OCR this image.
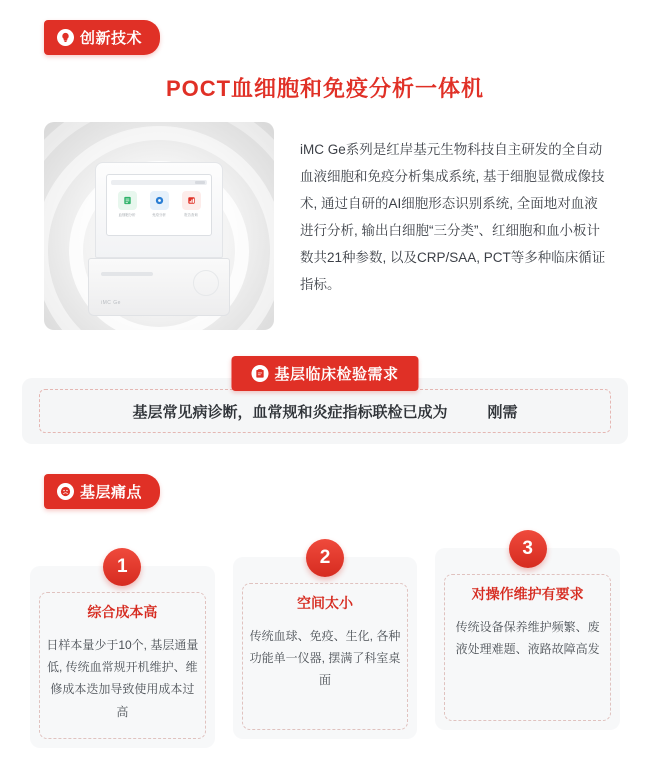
创新技术
POCT血细胞和免疫分析一体机
血细胞分析	免疫分析	报告查询
iMC Ge
iMC Ge系列是红岸基元生物科技自主研发的全自动血液细胞和免疫分析集成系统, 基于细胞显微成像技术, 通过自研的AI细胞形态识别系统, 全面地对血液进行分析, 输出白细胞“三分类”、红细胞和血小板计数共21种参数, 以及CRP/SAA, PCT等多种临床循证指标。
基层常见病诊断，血常规和炎症指标联检已成为	刚需
基层临床检验需求
基层痛点
1
综合成本高
日样本量少于10个, 基层通量低, 传统血常规开机维护、维修成本迭加导致使用成本过高
2
空间太小
传统血球、免疫、生化, 各种功能单一仪器, 摆满了科室桌面
3
对操作维护有要求
传统设备保养维护频繁、废液处理难题、液路故障高发
